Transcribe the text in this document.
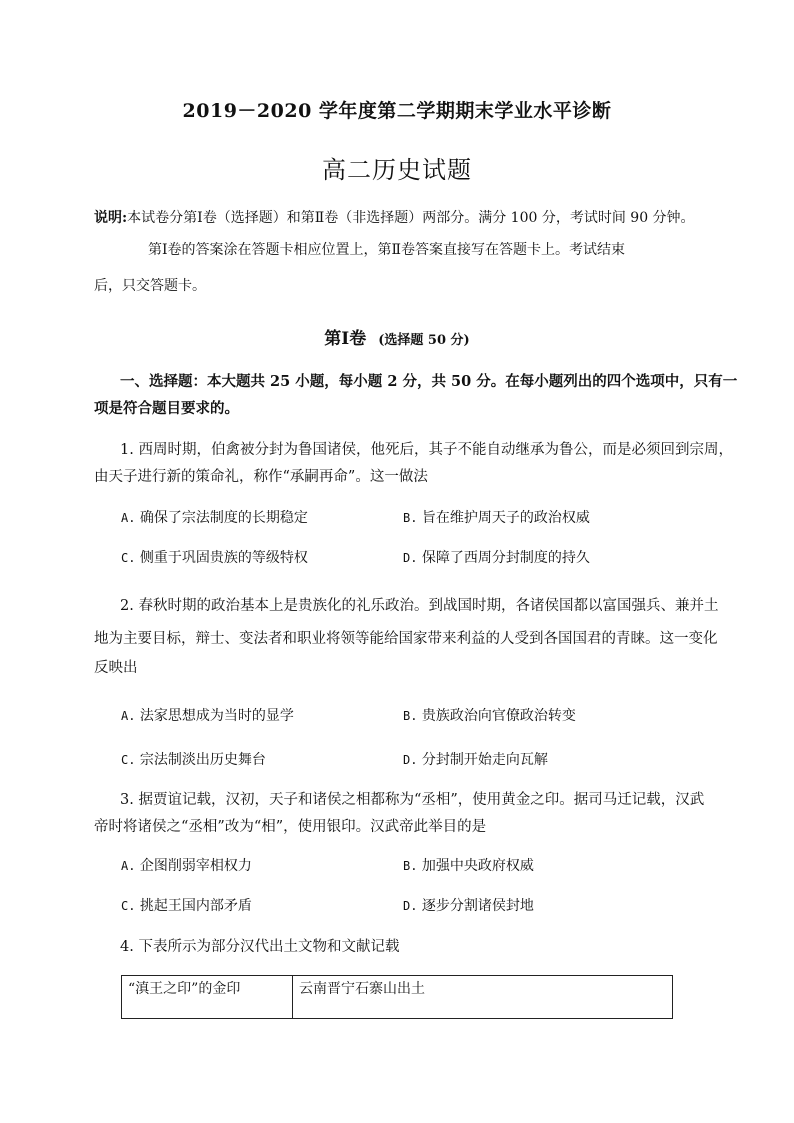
2019－2020 学年度第二学期期末学业水平诊断
高二历史试题
说明:本试卷分第Ⅰ卷（选择题）和第Ⅱ卷（非选择题）两部分。满分 100 分，考试时间 90 分钟。
第Ⅰ卷的答案涂在答题卡相应位置上，第Ⅱ卷答案直接写在答题卡上。考试结束
后，只交答题卡。
第Ⅰ卷 (选择题 50 分)
一、选择题：本大题共 25 小题，每小题 2 分，共 50 分。在每小题列出的四个选项中，只有一
项是符合题目要求的。
1. 西周时期，伯禽被分封为鲁国诸侯，他死后，其子不能自动继承为鲁公，而是必须回到宗周，
由天子进行新的策命礼，称作“承嗣再命”。这一做法
A. 确保了宗法制度的长期稳定	B. 旨在维护周天子的政治权威
C. 侧重于巩固贵族的等级特权	D. 保障了西周分封制度的持久
2. 春秋时期的政治基本上是贵族化的礼乐政治。到战国时期，各诸侯国都以富国强兵、兼并土
地为主要目标，辩士、变法者和职业将领等能给国家带来利益的人受到各国国君的青睐。这一变化
反映出
A. 法家思想成为当时的显学	B. 贵族政治向官僚政治转变
C. 宗法制淡出历史舞台	D. 分封制开始走向瓦解
3. 据贾谊记载，汉初，天子和诸侯之相都称为“丞相”，使用黄金之印。据司马迁记载，汉武
帝时将诸侯之“丞相”改为“相”，使用银印。汉武帝此举目的是
A. 企图削弱宰相权力	B. 加强中央政府权威
C. 挑起王国内部矛盾	D. 逐步分割诸侯封地
4. 下表所示为部分汉代出土文物和文献记载
“滇王之印”的金印	云南晋宁石寨山出土
